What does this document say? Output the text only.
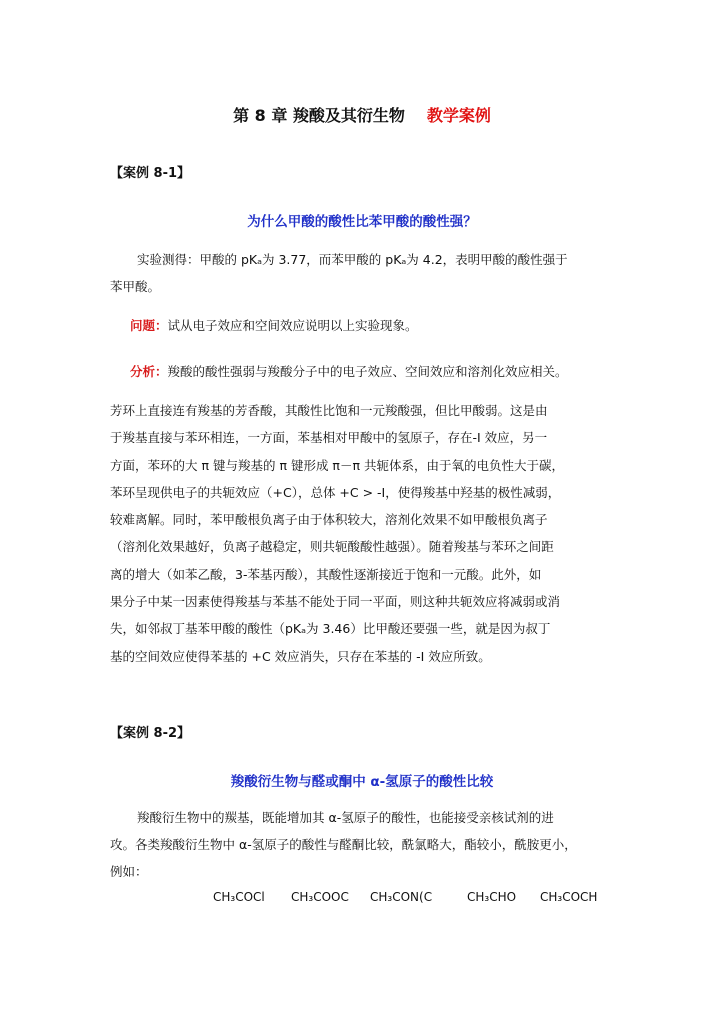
第 8 章 羧酸及其衍生物 教学案例
【案例 8-1】
为什么甲酸的酸性比苯甲酸的酸性强？
实验测得：甲酸的 pKₐ为 3.77，而苯甲酸的 pKₐ为 4.2，表明甲酸的酸性强于
苯甲酸。
问题：试从电子效应和空间效应说明以上实验现象。
分析：羧酸的酸性强弱与羧酸分子中的电子效应、空间效应和溶剂化效应相关。
芳环上直接连有羧基的芳香酸，其酸性比饱和一元羧酸强，但比甲酸弱。这是由
于羧基直接与苯环相连，一方面，苯基相对甲酸中的氢原子，存在-I 效应，另一
方面，苯环的大 π 键与羧基的 π 键形成 π－π 共轭体系，由于氧的电负性大于碳，
苯环呈现供电子的共轭效应（+C），总体 +C > -I，使得羧基中羟基的极性减弱，
较难离解。同时，苯甲酸根负离子由于体积较大，溶剂化效果不如甲酸根负离子
（溶剂化效果越好，负离子越稳定，则共轭酸酸性越强）。随着羧基与苯环之间距
离的增大（如苯乙酸，3-苯基丙酸），其酸性逐渐接近于饱和一元酸。此外，如
果分子中某一因素使得羧基与苯基不能处于同一平面，则这种共轭效应将减弱或消
失，如邻叔丁基苯甲酸的酸性（pKₐ为 3.46）比甲酸还要强一些，就是因为叔丁
基的空间效应使得苯基的 +C 效应消失，只存在苯基的 -I 效应所致。
【案例 8-2】
羧酸衍生物与醛或酮中 α-氢原子的酸性比较
羧酸衍生物中的羰基，既能增加其 α-氢原子的酸性，也能接受亲核试剂的进
攻。各类羧酸衍生物中 α-氢原子的酸性与醛酮比较，酰氯略大，酯较小，酰胺更小，
例如：
CH₃COCl CH₃COOC CH₃CON(C	CH₃CHO CH₃COCH
